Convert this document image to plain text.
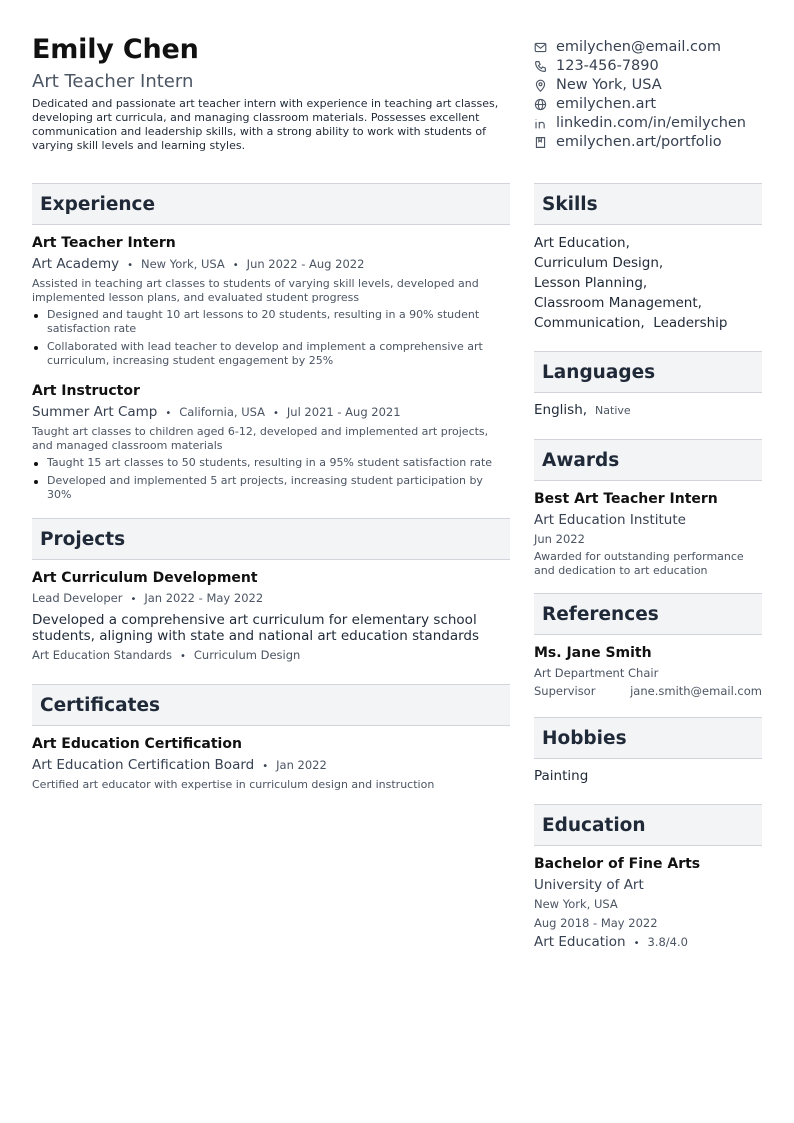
Emily Chen
Art Teacher Intern
Dedicated and passionate art teacher intern with experience in teaching art classes, developing art curricula, and managing classroom materials. Possesses excellent communication and leadership skills, with a strong ability to work with students of varying skill levels and learning styles.
emilychen@email.com
123-456-7890
New York, USA
emilychen.art
linkedin.com/in/emilychen
emilychen.art/portfolio
Experience
Art Teacher Intern
Art Academy • New York, USA • Jun 2022 - Aug 2022
Assisted in teaching art classes to students of varying skill levels, developed and implemented lesson plans, and evaluated student progress
Designed and taught 10 art lessons to 20 students, resulting in a 90% student satisfaction rate
Collaborated with lead teacher to develop and implement a comprehensive art curriculum, increasing student engagement by 25%
Art Instructor
Summer Art Camp • California, USA • Jul 2021 - Aug 2021
Taught art classes to children aged 6-12, developed and implemented art projects, and managed classroom materials
Taught 15 art classes to 50 students, resulting in a 95% student satisfaction rate
Developed and implemented 5 art projects, increasing student participation by 30%
Projects
Art Curriculum Development
Lead Developer • Jan 2022 - May 2022
Developed a comprehensive art curriculum for elementary school students, aligning with state and national art education standards
Art Education Standards • Curriculum Design
Certificates
Art Education Certification
Art Education Certification Board • Jan 2022
Certified art educator with expertise in curriculum design and instruction
Skills
Art Education,
Curriculum Design,
Lesson Planning,
Classroom Management,
Communication, Leadership
Languages
English, Native
Awards
Best Art Teacher Intern
Art Education Institute
Jun 2022
Awarded for outstanding performance and dedication to art education
References
Ms. Jane Smith
Art Department Chair
Supervisor	jane.smith@email.com
Hobbies
Painting
Education
Bachelor of Fine Arts
University of Art
New York, USA
Aug 2018 - May 2022
Art Education • 3.8/4.0
